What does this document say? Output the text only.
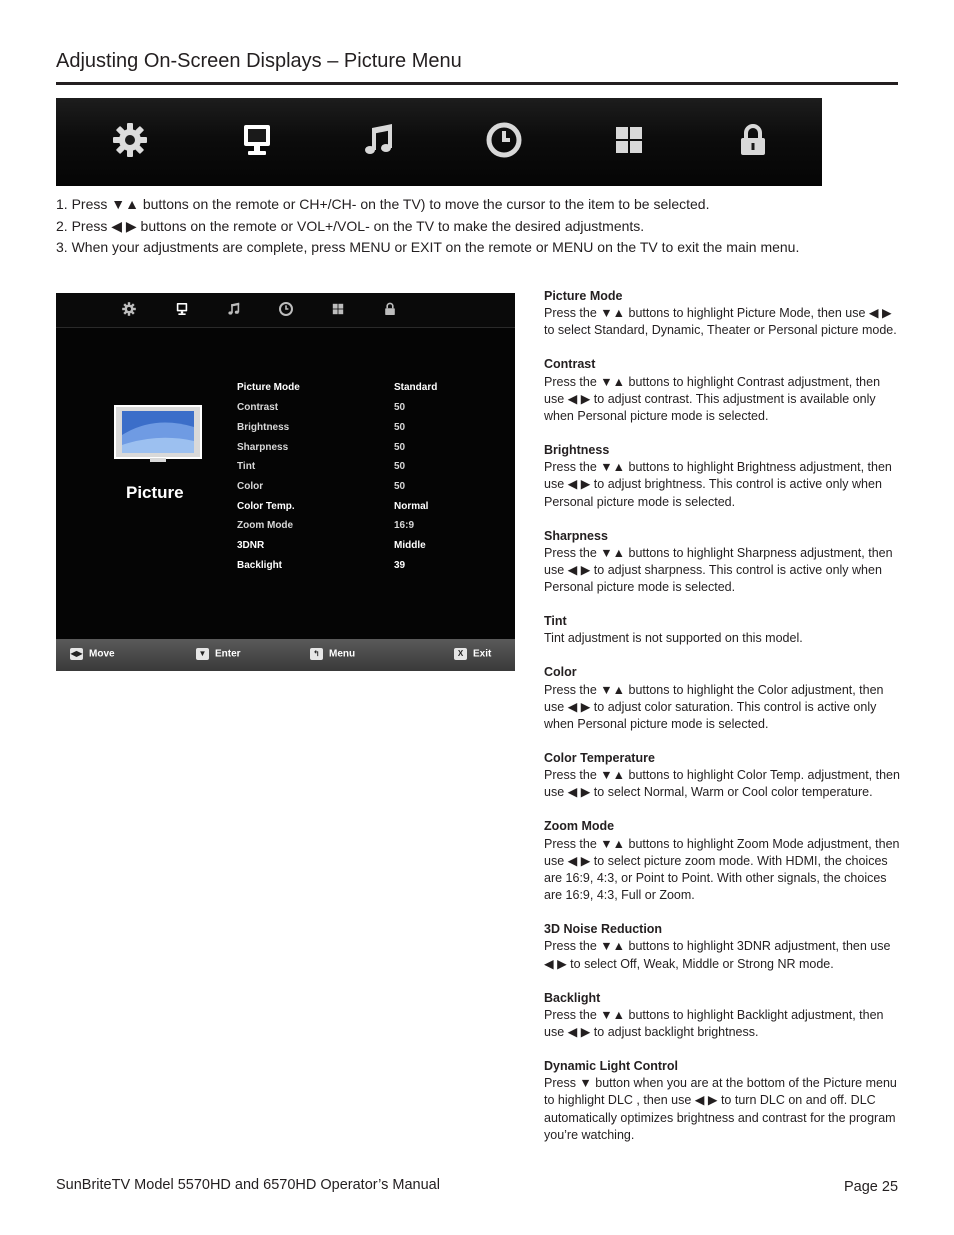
Adjusting On-Screen Displays – Picture Menu
1. Press ▼▲ buttons on the remote or CH+/CH- on the TV) to move the cursor to the item to be selected.
2. Press ◀ ▶ buttons on the remote or VOL+/VOL- on the TV to make the desired adjustments.
3. When your adjustments are complete, press MENU or EXIT on the remote or MENU on the TV to exit the main menu.
Picture
Picture Mode	Standard
Contrast	50
Brightness	50
Sharpness	50
Tint	50
Color	50
Color Temp.	Normal
Zoom Mode	16:9
3DNR	Middle
Backlight	39
◀▶ Move	▼ Enter	↰ Menu	X Exit
Picture Mode
Press the ▼▲ buttons to highlight Picture Mode, then use ◀ ▶ to select Standard, Dynamic, Theater or Personal picture mode.
Contrast
Press the ▼▲ buttons to highlight Contrast adjustment, then use ◀ ▶ to adjust contrast. This adjustment is available only when Personal picture mode is selected.
Brightness
Press the ▼▲ buttons to highlight Brightness adjustment, then use ◀ ▶ to adjust brightness. This control is active only when Personal picture mode is selected.
Sharpness
Press the ▼▲ buttons to highlight Sharpness adjustment, then use ◀ ▶ to adjust sharpness. This control is active only when Personal picture mode is selected.
Tint
Tint adjustment is not supported on this model.
Color
Press the ▼▲ buttons to highlight the Color adjustment, then use ◀ ▶ to adjust color saturation. This control is active only when Personal picture mode is selected.
Color Temperature
Press the ▼▲ buttons to highlight Color Temp. adjustment, then use ◀ ▶ to select Normal, Warm or Cool color temperature.
Zoom Mode
Press the ▼▲ buttons to highlight Zoom Mode adjustment, then use ◀ ▶ to select picture zoom mode. With HDMI, the choices are 16:9, 4:3, or Point to Point. With other signals, the choices are 16:9, 4:3, Full or Zoom.
3D Noise Reduction
Press the ▼▲ buttons to highlight 3DNR adjustment, then use ◀ ▶ to select Off, Weak, Middle or Strong NR mode.
Backlight
Press the ▼▲ buttons to highlight Backlight adjustment, then use ◀ ▶ to adjust backlight brightness.
Dynamic Light Control
Press ▼ button when you are at the bottom of the Picture menu to highlight DLC , then use ◀ ▶ to turn DLC on and off. DLC automatically optimizes brightness and contrast for the program you’re watching.
SunBriteTV Model 5570HD and 6570HD Operator’s Manual	Page 25
